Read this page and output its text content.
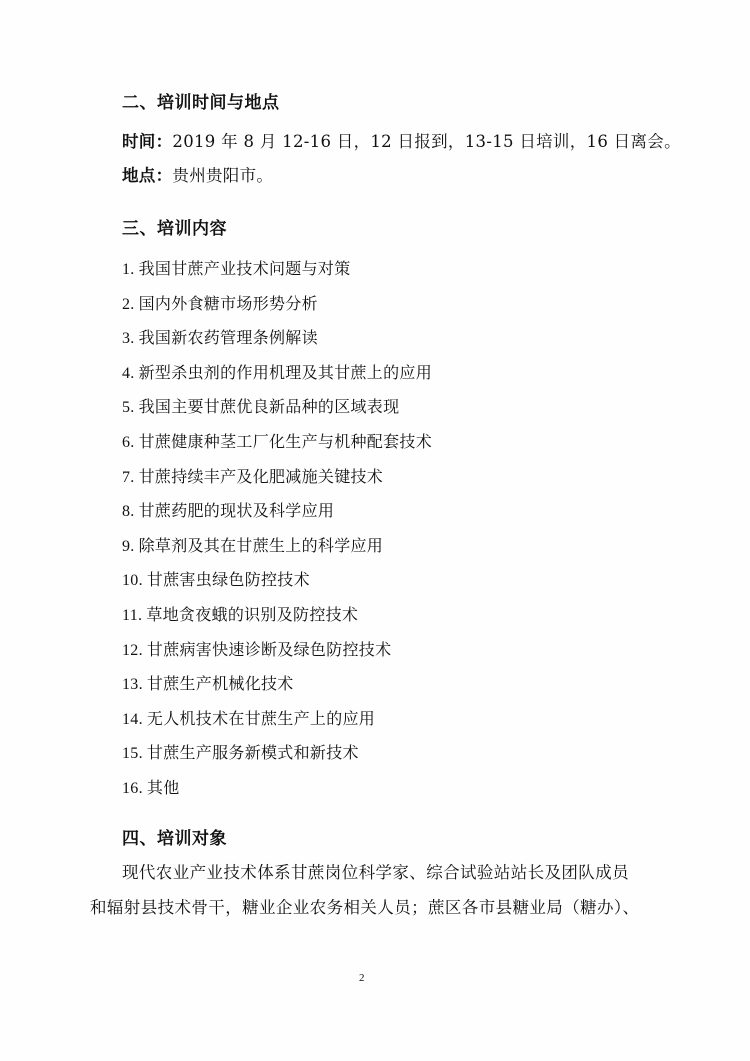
二、培训时间与地点
时间：2019 年 8 月 12-16 日，12 日报到，13-15 日培训，16 日离会。
地点：贵州贵阳市。
三、培训内容
1. 我国甘蔗产业技术问题与对策
2. 国内外食糖市场形势分析
3. 我国新农药管理条例解读
4. 新型杀虫剂的作用机理及其甘蔗上的应用
5. 我国主要甘蔗优良新品种的区域表现
6. 甘蔗健康种茎工厂化生产与机种配套技术
7. 甘蔗持续丰产及化肥减施关键技术
8. 甘蔗药肥的现状及科学应用
9. 除草剂及其在甘蔗生上的科学应用
10. 甘蔗害虫绿色防控技术
11. 草地贪夜蛾的识别及防控技术
12. 甘蔗病害快速诊断及绿色防控技术
13. 甘蔗生产机械化技术
14. 无人机技术在甘蔗生产上的应用
15. 甘蔗生产服务新模式和新技术
16. 其他
四、培训对象
现代农业产业技术体系甘蔗岗位科学家、综合试验站站长及团队成员
和辐射县技术骨干，糖业企业农务相关人员；蔗区各市县糖业局（糖办）、
2
